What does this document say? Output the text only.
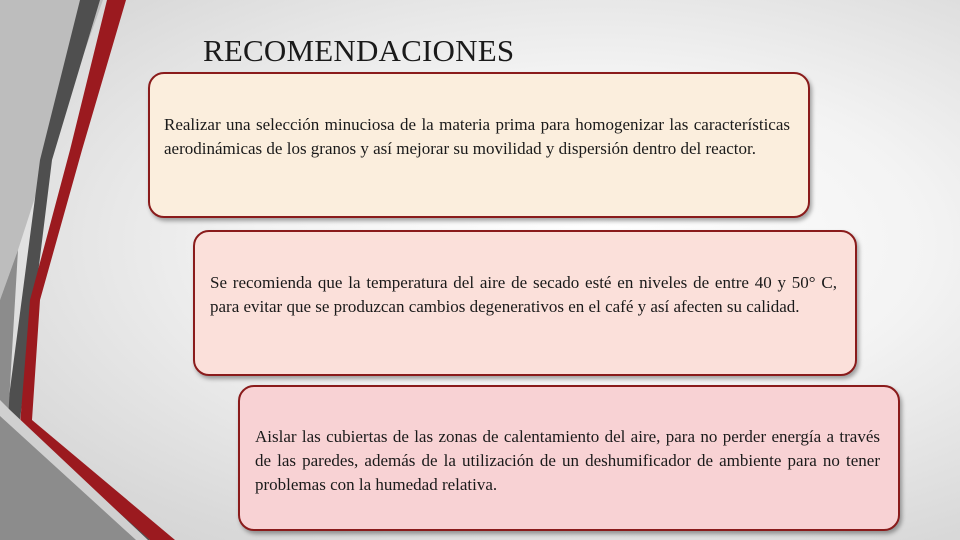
RECOMENDACIONES

Realizar una selección minuciosa de la materia prima para homogenizar las características aerodinámicas de los granos y así mejorar su movilidad y dispersión dentro del reactor.

Se recomienda que la temperatura del aire de secado esté en niveles de entre 40 y 50° C, para evitar que se produzcan cambios degenerativos en el café y así afecten su calidad.

Aislar las cubiertas de las zonas de calentamiento del aire, para no perder energía a través de las paredes, además de la utilización de un deshumificador de ambiente para no tener problemas con la humedad relativa.
